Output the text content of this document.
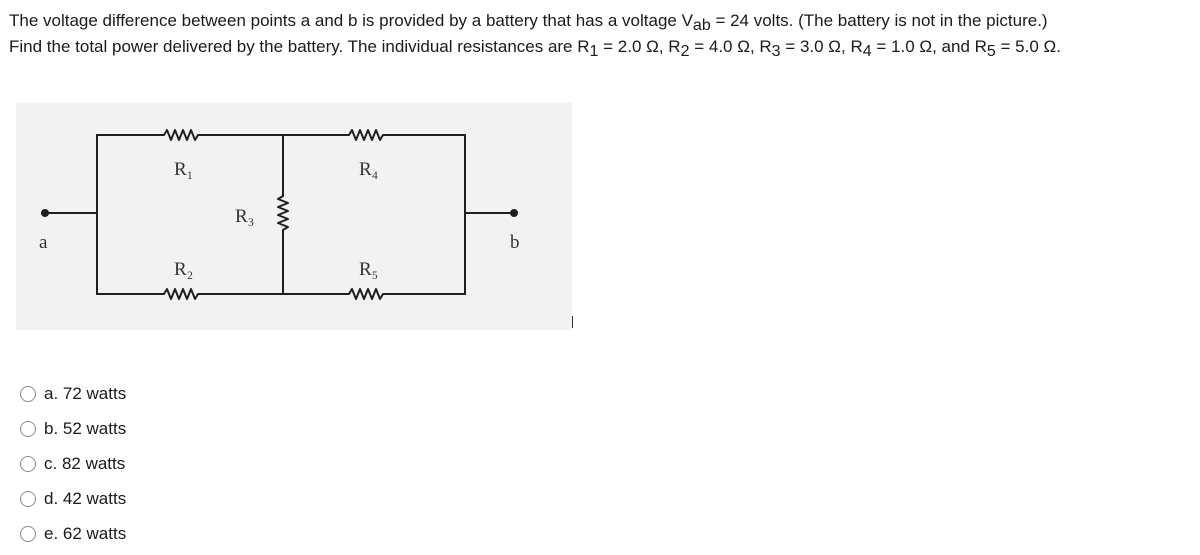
The voltage difference between points a and b is provided by a battery that has a voltage $V_{ab} = 24$ volts. (The battery is not in the picture.)
Find the total power delivered by the battery. The individual resistances are $R_1 = 2.0$ Ω, $R_2 = 4.0$ Ω, $R_3 = 3.0$ Ω, $R_4 = 1.0$ Ω, and $R_5 = 5.0$ Ω.
a	b
R₁
R₂
R₃
R₄
R₅
a. 72 watts
b. 52 watts
c. 82 watts
d. 42 watts
e. 62 watts
